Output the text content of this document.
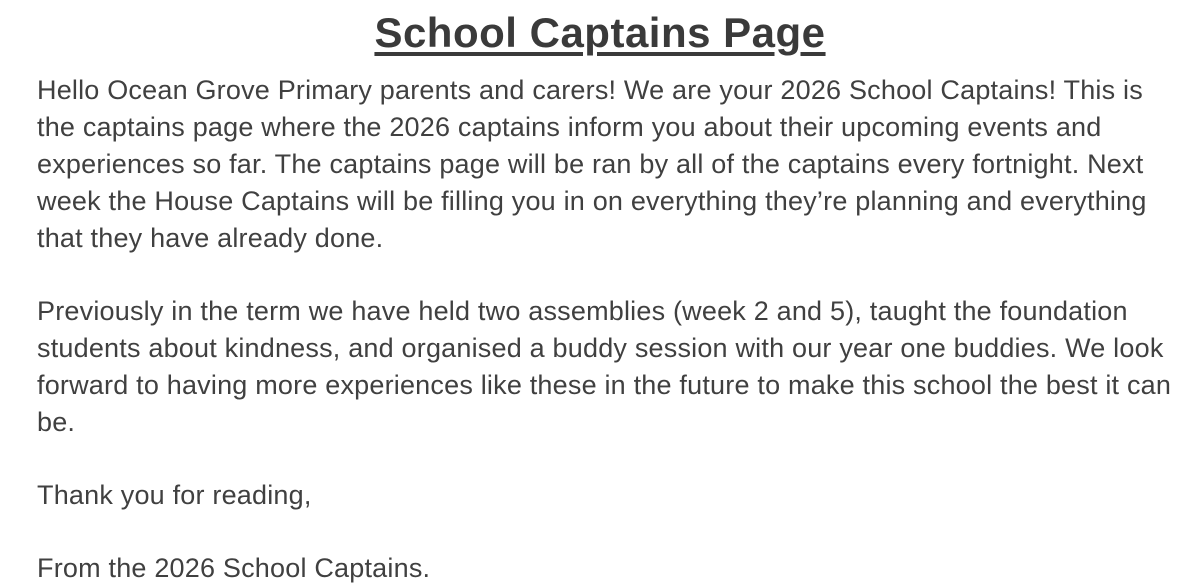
School Captains Page

Hello Ocean Grove Primary parents and carers! We are your 2026 School Captains! This is the captains page where the 2026 captains inform you about their upcoming events and experiences so far. The captains page will be ran by all of the captains every fortnight. Next week the House Captains will be filling you in on everything they’re planning and everything that they have already done.

Previously in the term we have held two assemblies (week 2 and 5), taught the foundation students about kindness, and organised a buddy session with our year one buddies. We look forward to having more experiences like these in the future to make this school the best it can be.

Thank you for reading,

From the 2026 School Captains.
